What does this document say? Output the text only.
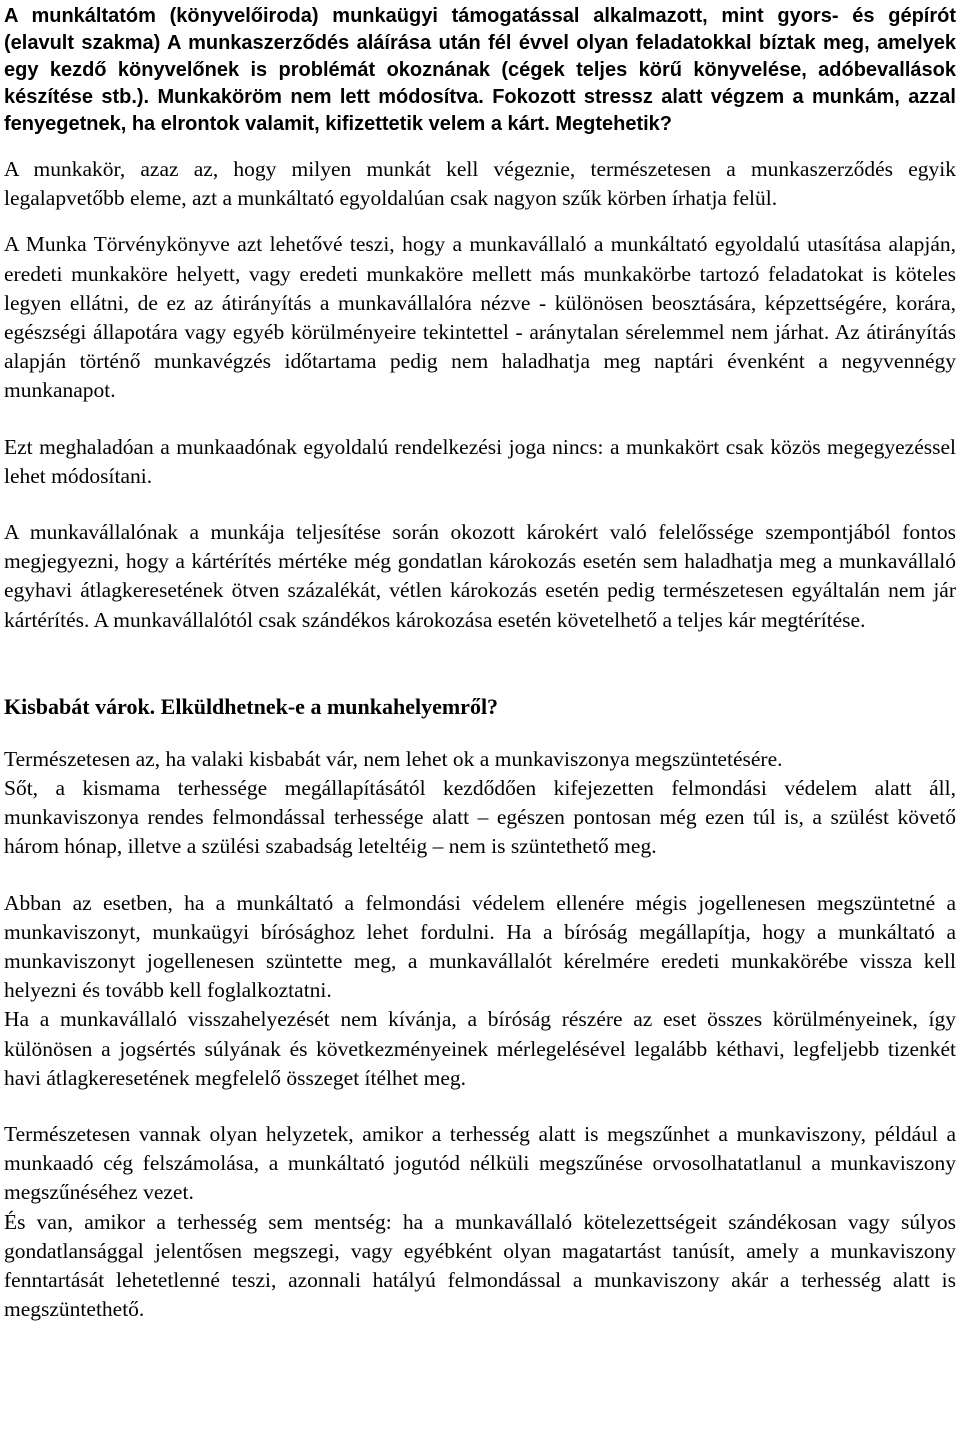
A munkáltatóm (könyvelőiroda) munkaügyi támogatással alkalmazott, mint gyors- és gépírót (elavult szakma) A munkaszerződés aláírása után fél évvel olyan feladatokkal bíztak meg, amelyek egy kezdő könyvelőnek is problémát okoznának (cégek teljes körű könyvelése, adóbevallások készítése stb.). Munkaköröm nem lett módosítva. Fokozott stressz alatt végzem a munkám, azzal fenyegetnek, ha elrontok valamit, kifizettetik velem a kárt. Megtehetik?

A munkakör, azaz az, hogy milyen munkát kell végeznie, természetesen a munkaszerződés egyik legalapvetőbb eleme, azt a munkáltató egyoldalúan csak nagyon szűk körben írhatja felül.

A Munka Törvénykönyve azt lehetővé teszi, hogy a munkavállaló a munkáltató egyoldalú utasítása alapján, eredeti munkaköre helyett, vagy eredeti munkaköre mellett más munkakörbe tartozó feladatokat is köteles legyen ellátni, de ez az átirányítás a munkavállalóra nézve - különösen beosztására, képzettségére, korára, egészségi állapotára vagy egyéb körülményeire tekintettel - aránytalan sérelemmel nem járhat. Az átirányítás alapján történő munkavégzés időtartama pedig nem haladhatja meg naptári évenként a negyvennégy munkanapot.

Ezt meghaladóan a munkaadónak egyoldalú rendelkezési joga nincs: a munkakört csak közös megegyezéssel lehet módosítani.

A munkavállalónak a munkája teljesítése során okozott károkért való felelőssége szempontjából fontos megjegyezni, hogy a kártérítés mértéke még gondatlan károkozás esetén sem haladhatja meg a munkavállaló egyhavi átlagkeresetének ötven százalékát, vétlen károkozás esetén pedig természetesen egyáltalán nem jár kártérítés. A munkavállalótól csak szándékos károkozása esetén követelhető a teljes kár megtérítése.

Kisbabát várok. Elküldhetnek-e a munkahelyemről?

Természetesen az, ha valaki kisbabát vár, nem lehet ok a munkaviszonya megszüntetésére.

Sőt, a kismama terhessége megállapításától kezdődően kifejezetten felmondási védelem alatt áll, munkaviszonya rendes felmondással terhessége alatt – egészen pontosan még ezen túl is, a szülést követő három hónap, illetve a szülési szabadság leteltéig – nem is szüntethető meg.

Abban az esetben, ha a munkáltató a felmondási védelem ellenére mégis jogellenesen megszüntetné a munkaviszonyt, munkaügyi bírósághoz lehet fordulni. Ha a bíróság megállapítja, hogy a munkáltató a munkaviszonyt jogellenesen szüntette meg, a munkavállalót kérelmére eredeti munkakörébe vissza kell helyezni és tovább kell foglalkoztatni.

Ha a munkavállaló visszahelyezését nem kívánja, a bíróság részére az eset összes körülményeinek, így különösen a jogsértés súlyának és következményeinek mérlegelésével legalább kéthavi, legfeljebb tizenkét havi átlagkeresetének megfelelő összeget ítélhet meg.

Természetesen vannak olyan helyzetek, amikor a terhesség alatt is megszűnhet a munkaviszony, például a munkaadó cég felszámolása, a munkáltató jogutód nélküli megszűnése orvosolhatatlanul a munkaviszony megszűnéséhez vezet.

És van, amikor a terhesség sem mentség: ha a munkavállaló kötelezettségeit szándékosan vagy súlyos gondatlansággal jelentősen megszegi, vagy egyébként olyan magatartást tanúsít, amely a munkaviszony fenntartását lehetetlenné teszi, azonnali hatályú felmondással a munkaviszony akár a terhesség alatt is megszüntethető.
